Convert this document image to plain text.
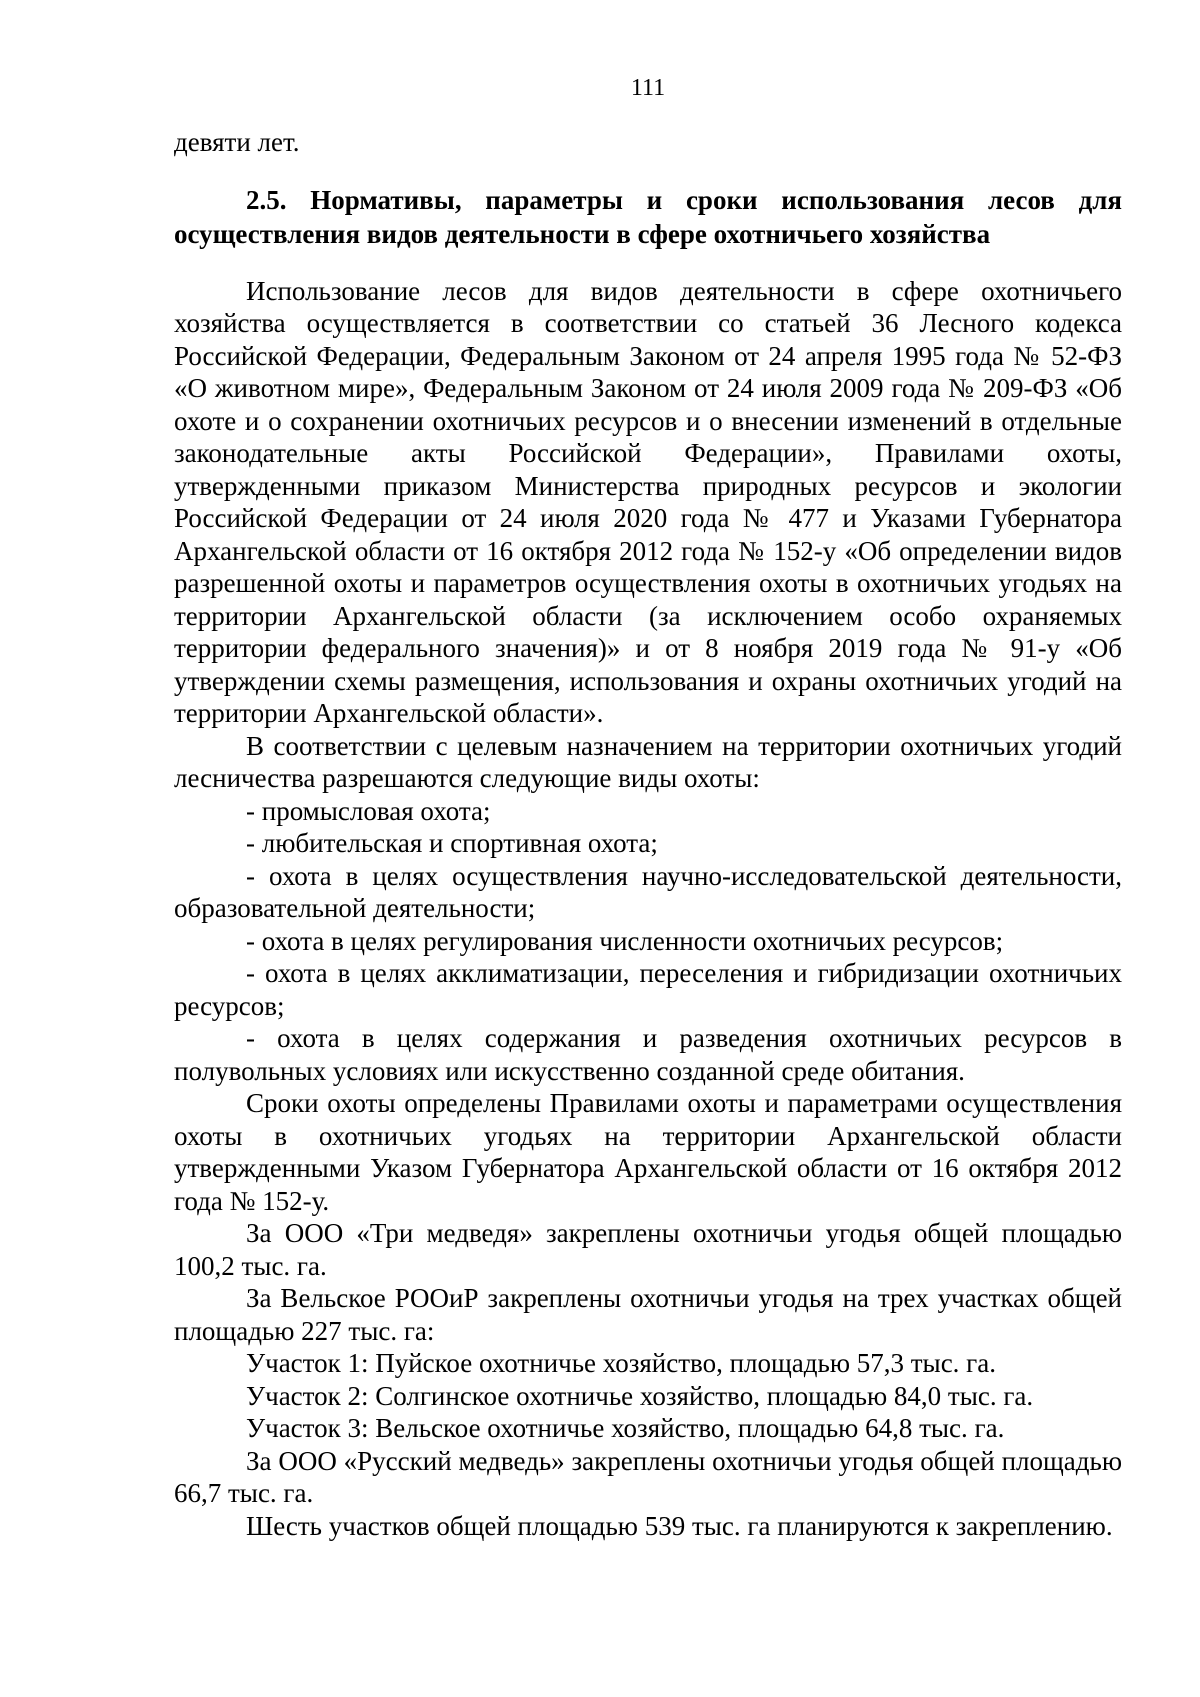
111

девяти лет.

2.5. Нормативы, параметры и сроки использования лесов для осуществления видов деятельности в сфере охотничьего хозяйства

Использование лесов для видов деятельности в сфере охотничьего хозяйства осуществляется в соответствии со статьей 36 Лесного кодекса Российской Федерации, Федеральным Законом от 24 апреля 1995 года № 52-ФЗ «О животном мире», Федеральным Законом от 24 июля 2009 года № 209-ФЗ «Об охоте и о сохранении охотничьих ресурсов и о внесении изменений в отдельные законодательные акты Российской Федерации», Правилами охоты, утвержденными приказом Министерства природных ресурсов и экологии Российской Федерации от 24 июля 2020 года № 477 и Указами Губернатора Архангельской области от 16 октября 2012 года № 152-у «Об определении видов разрешенной охоты и параметров осуществления охоты в охотничьих угодьях на территории Архангельской области (за исключением особо охраняемых территории федерального значения)» и от 8 ноября 2019 года № 91-у «Об утверждении схемы размещения, использования и охраны охотничьих угодий на территории Архангельской области».

В соответствии с целевым назначением на территории охотничьих угодий лесничества разрешаются следующие виды охоты:

- промысловая охота;

- любительская и спортивная охота;

- охота в целях осуществления научно-исследовательской деятельности, образовательной деятельности;

- охота в целях регулирования численности охотничьих ресурсов;

- охота в целях акклиматизации, переселения и гибридизации охотничьих ресурсов;

- охота в целях содержания и разведения охотничьих ресурсов в полувольных условиях или искусственно созданной среде обитания.

Сроки охоты определены Правилами охоты и параметрами осуществления охоты в охотничьих угодьях на территории Архангельской области утвержденными Указом Губернатора Архангельской области от 16 октября 2012 года № 152-у.

За ООО «Три медведя» закреплены охотничьи угодья общей площадью 100,2 тыс. га.

За Вельское РООиР закреплены охотничьи угодья на трех участках общей площадью 227 тыс. га:

Участок 1: Пуйское охотничье хозяйство, площадью 57,3 тыс. га.

Участок 2: Солгинское охотничье хозяйство, площадью 84,0 тыс. га.

Участок 3: Вельское охотничье хозяйство, площадью 64,8 тыс. га.

За ООО «Русский медведь» закреплены охотничьи угодья общей площадью 66,7 тыс. га.

Шесть участков общей площадью 539 тыс. га планируются к закреплению.
